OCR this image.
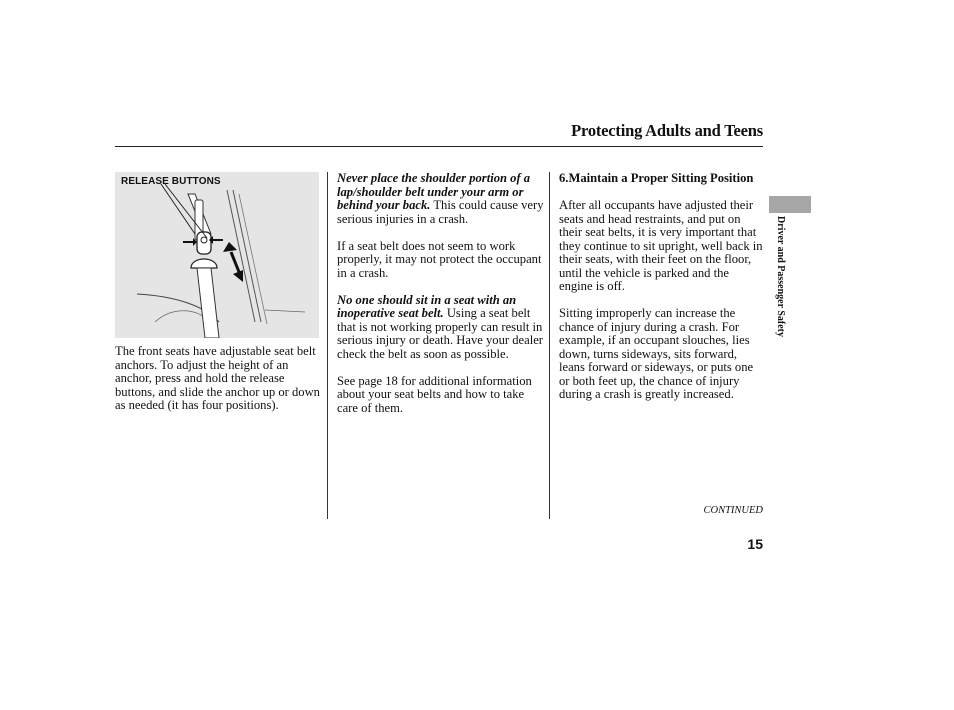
Protecting Adults and Teens
RELEASE BUTTONS

The front seats have adjustable seat belt anchors. To adjust the height of an anchor, press and hold the release buttons, and slide the anchor up or down as needed (it has four positions).

Never place the shoulder portion of a lap/shoulder belt under your arm or behind your back. This could cause very serious injuries in a crash.

If a seat belt does not seem to work properly, it may not protect the occupant in a crash.

No one should sit in a seat with an inoperative seat belt. Using a seat belt that is not working properly can result in serious injury or death. Have your dealer check the belt as soon as possible.

See page 18 for additional information about your seat belts and how to take care of them.

6.Maintain a Proper Sitting Position

After all occupants have adjusted their seats and head restraints, and put on their seat belts, it is very important that they continue to sit upright, well back in their seats, with their feet on the floor, until the vehicle is parked and the engine is off.

Sitting improperly can increase the chance of injury during a crash. For example, if an occupant slouches, lies down, turns sideways, sits forward, leans forward or sideways, or puts one or both feet up, the chance of injury during a crash is greatly increased.

Driver and Passenger Safety
CONTINUED
15
